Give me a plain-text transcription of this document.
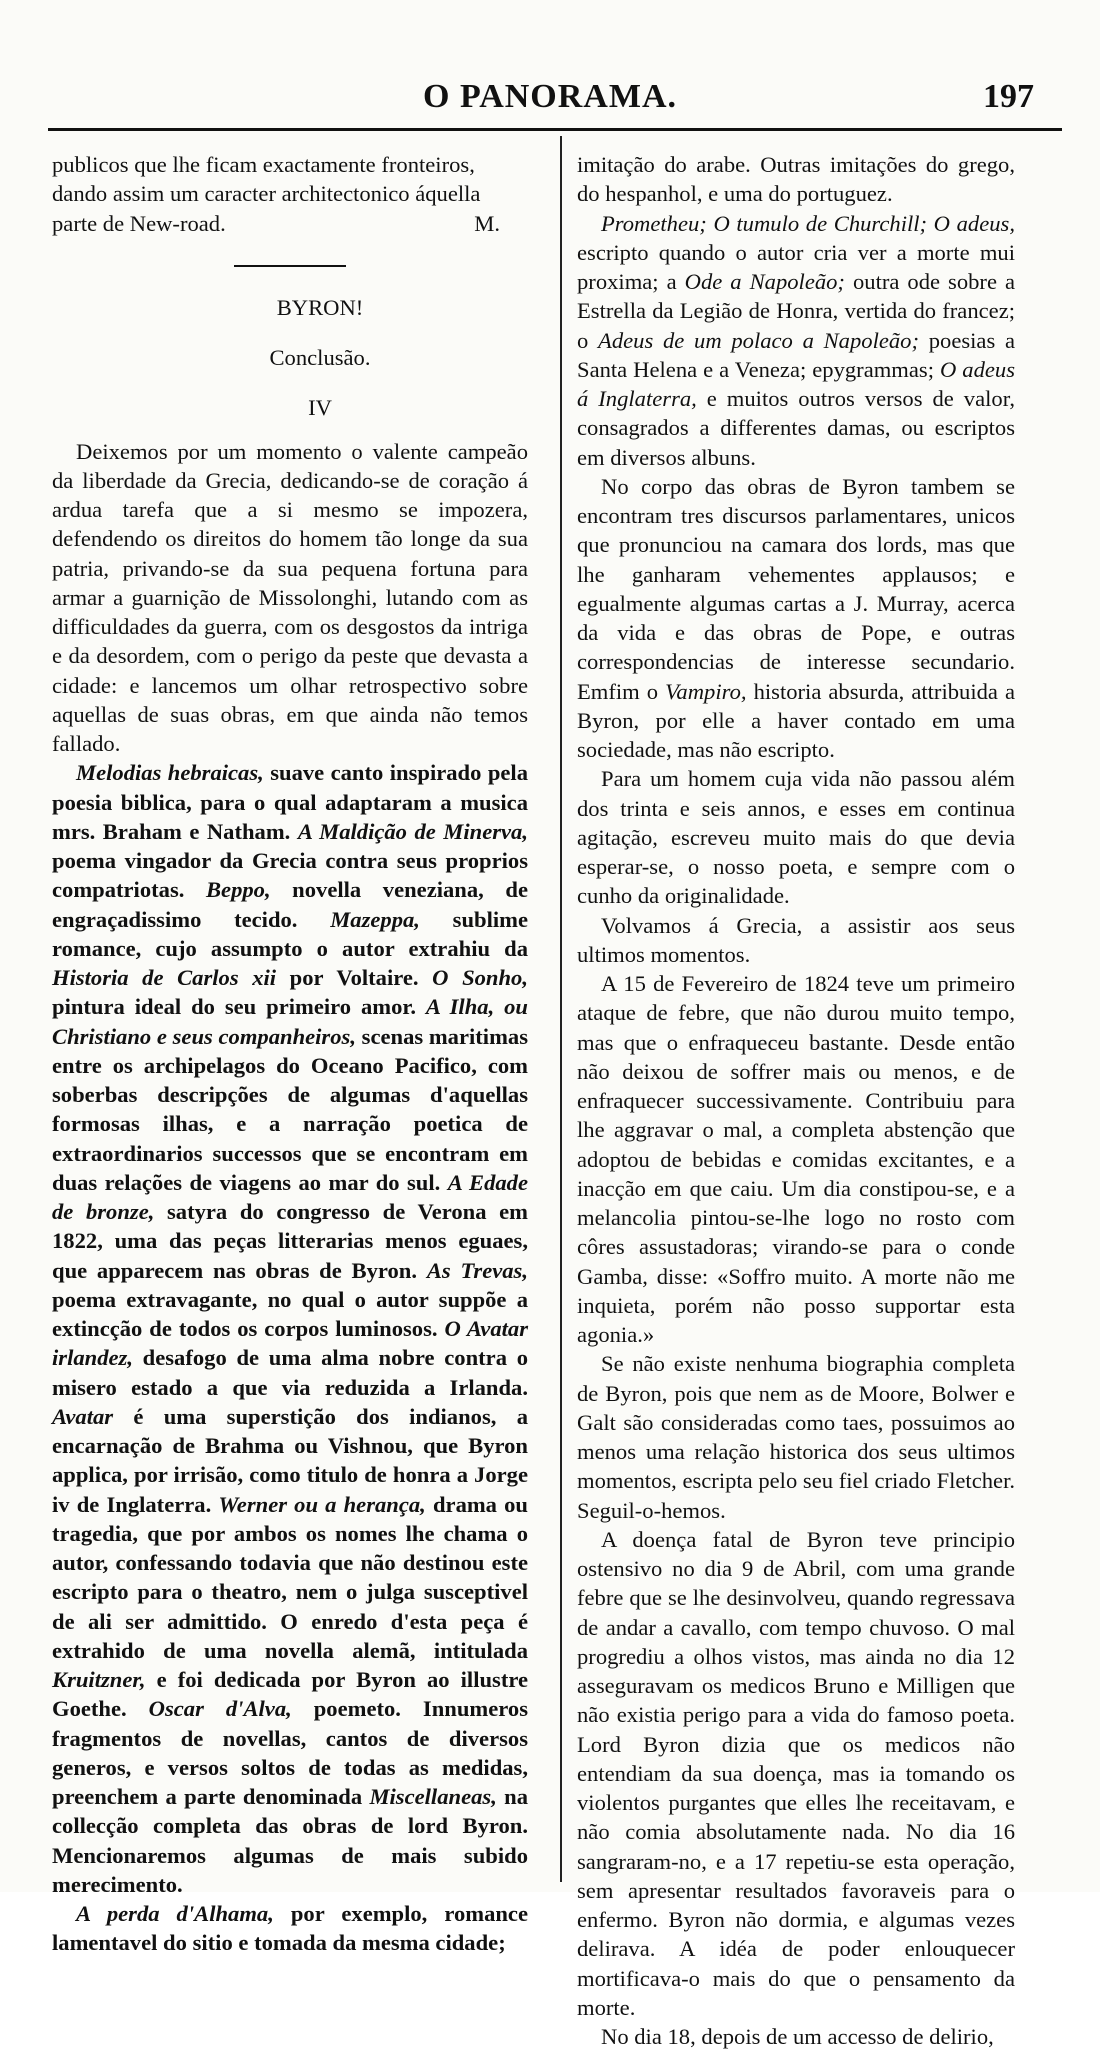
O PANORAMA.	197

publicos que lhe ficam exactamente fronteiros,

dando assim um caracter architectonico áquella

parte de New-road.	M.

BYRON!

Conclusão.

IV

Deixemos por um momento o valente campeão da liberdade da Grecia, dedicando-se de coração á ardua tarefa que a si mesmo se impozera, defendendo os direitos do homem tão longe da sua patria, privando-se da sua pequena fortuna para armar a guarnição de Missolonghi, lutando com as difficuldades da guerra, com os desgostos da intriga e da desordem, com o perigo da peste que devasta a cidade: e lancemos um olhar retrospectivo sobre aquellas de suas obras, em que ainda não temos fallado.

Melodias hebraicas, suave canto inspirado pela poesia biblica, para o qual adaptaram a musica mrs. Braham e Natham. A Maldição de Minerva, poema vingador da Grecia contra seus proprios compatriotas. Beppo, novella veneziana, de engraçadissimo tecido. Mazeppa, sublime romance, cujo assumpto o autor extrahiu da Historia de Carlos xii por Voltaire. O Sonho, pintura ideal do seu primeiro amor. A Ilha, ou Christiano e seus companheiros, scenas maritimas entre os archipelagos do Oceano Pacifico, com soberbas descripções de algumas d'aquellas formosas ilhas, e a narração poetica de extraordinarios successos que se encontram em duas relações de viagens ao mar do sul. A Edade de bronze, satyra do congresso de Verona em 1822, uma das peças litterarias menos eguaes, que apparecem nas obras de Byron. As Trevas, poema extravagante, no qual o autor suppõe a extincção de todos os corpos luminosos. O Avatar irlandez, desafogo de uma alma nobre contra o misero estado a que via reduzida a Irlanda. Avatar é uma superstição dos indianos, a encarnação de Brahma ou Vishnou, que Byron applica, por irrisão, como titulo de honra a Jorge iv de Inglaterra. Werner ou a herança, drama ou tragedia, que por ambos os nomes lhe chama o autor, confessando todavia que não destinou este escripto para o theatro, nem o julga susceptivel de ali ser admittido. O enredo d'esta peça é extrahido de uma novella alemã, intitulada Kruitzner, e foi dedicada por Byron ao illustre Goethe. Oscar d'Alva, poemeto. Innumeros fragmentos de novellas, cantos de diversos generos, e versos soltos de todas as medidas, preenchem a parte denominada Miscellaneas, na collecção completa das obras de lord Byron. Mencionaremos algumas de mais subido merecimento.

A perda d'Alhama, por exemplo, romance lamentavel do sitio e tomada da mesma cidade;

imitação do arabe. Outras imitações do grego, do hespanhol, e uma do portuguez.
Prometheu; O tumulo de Churchill; O adeus, escripto quando o autor cria ver a morte mui proxima; a Ode a Napoleão; outra ode sobre a Estrella da Legião de Honra, vertida do francez; o Adeus de um polaco a Napoleão; poesias a Santa Helena e a Veneza; epygrammas; O adeus á Inglaterra, e muitos outros versos de valor, consagrados a differentes damas, ou escriptos em diversos albuns.

No corpo das obras de Byron tambem se encontram tres discursos parlamentares, unicos que pronunciou na camara dos lords, mas que lhe ganharam vehementes applausos; e egualmente algumas cartas a J. Murray, acerca da vida e das obras de Pope, e outras correspondencias de interesse secundario. Emfim o Vampiro, historia absurda, attribuida a Byron, por elle a haver contado em uma sociedade, mas não escripto.

Para um homem cuja vida não passou além dos trinta e seis annos, e esses em continua agitação, escreveu muito mais do que devia esperar-se, o nosso poeta, e sempre com o cunho da originalidade.

Volvamos á Grecia, a assistir aos seus ultimos momentos.

A 15 de Fevereiro de 1824 teve um primeiro ataque de febre, que não durou muito tempo, mas que o enfraqueceu bastante. Desde então não deixou de soffrer mais ou menos, e de enfraquecer successivamente. Contribuiu para lhe aggravar o mal, a completa abstenção que adoptou de bebidas e comidas excitantes, e a inacção em que caiu. Um dia constipou-se, e a melancolia pintou-se-lhe logo no rosto com côres assustadoras; virando-se para o conde Gamba, disse: «Soffro muito. A morte não me inquieta, porém não posso supportar esta agonia.»

Se não existe nenhuma biographia completa de Byron, pois que nem as de Moore, Bolwer e Galt são consideradas como taes, possuimos ao menos uma relação historica dos seus ultimos momentos, escripta pelo seu fiel criado Fletcher. Seguil-o-hemos.

A doença fatal de Byron teve principio ostensivo no dia 9 de Abril, com uma grande febre que se lhe desinvolveu, quando regressava de andar a cavallo, com tempo chuvoso. O mal progrediu a olhos vistos, mas ainda no dia 12 asseguravam os medicos Bruno e Milligen que não existia perigo para a vida do famoso poeta. Lord Byron dizia que os medicos não entendiam da sua doença, mas ia tomando os violentos purgantes que elles lhe receitavam, e não comia absolutamente nada. No dia 16 sangraram-no, e a 17 repetiu-se esta operação, sem apresentar resultados favoraveis para o enfermo. Byron não dormia, e algumas vezes delirava. A idéa de poder enlouquecer mortificava-o mais do que o pensamento da morte.

No dia 18, depois de um accesso de delirio,
